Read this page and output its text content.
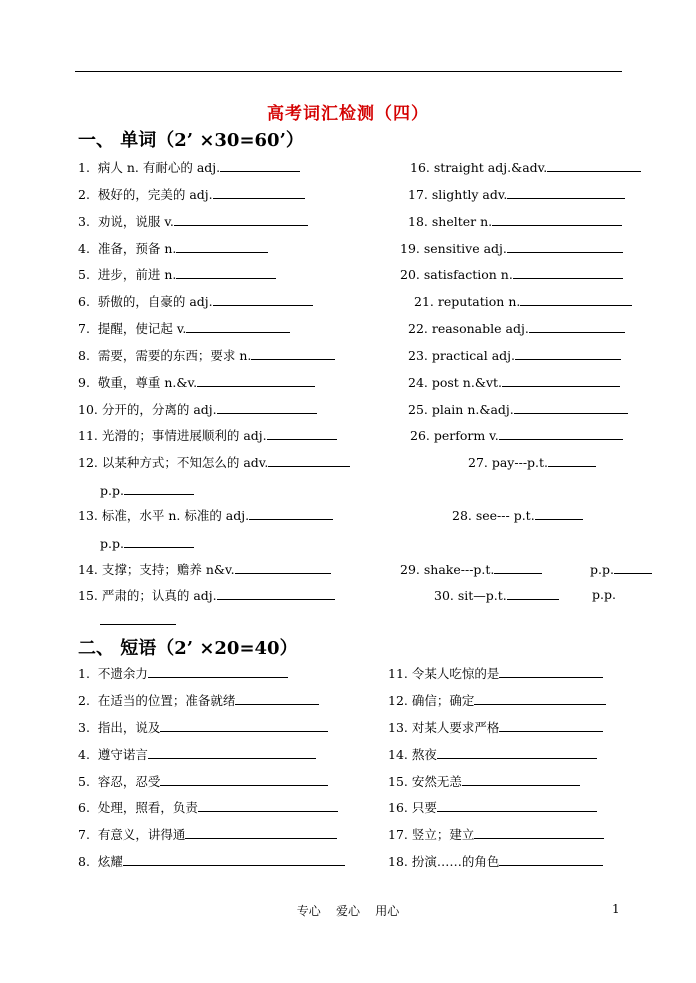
高考词汇检测（四）
一、 单词（2’ ×30=60’）
1.  病人 n. 有耐心的 adj.
2.  极好的，完美的 adj.
3.  劝说，说服 v.
4.  准备，预备 n.
5.  进步，前进 n.
6.  骄傲的，自豪的 adj.
7.  提醒，使记起 v.
8.  需要，需要的东西；要求 n.
9.  敬重，尊重 n.&v.
10. 分开的，分离的 adj.
11. 光滑的；事情进展顺利的 adj.
12. 以某种方式；不知怎么的 adv.
p.p.
13. 标准，水平 n. 标准的 adj.
p.p.
14. 支撑；支持；赡养 n&v.
15. 严肃的；认真的 adj.
16. straight adj.&adv.
17. slightly adv.
18. shelter n.
19. sensitive adj.
20. satisfaction n.
21. reputation n.
22. reasonable adj.
23. practical adj.
24. post n.&vt.
25. plain n.&adj.
26. perform v.
27. pay---p.t.
28. see--- p.t.
29. shake---p.t.	p.p.
30. sit—p.t.	p.p.
二、 短语（2’ ×20=40）
1.  不遗余力
2.  在适当的位置；准备就绪
3.  指出，说及
4.  遵守诺言
5.  容忍，忍受
6.  处理，照看，负责
7.  有意义，讲得通
8.  炫耀
11. 令某人吃惊的是
12. 确信；确定
13. 对某人要求严格
14. 熬夜
15. 安然无恙
16. 只要
17. 竖立；建立
18. 扮演……的角色
专心    爱心    用心	1
